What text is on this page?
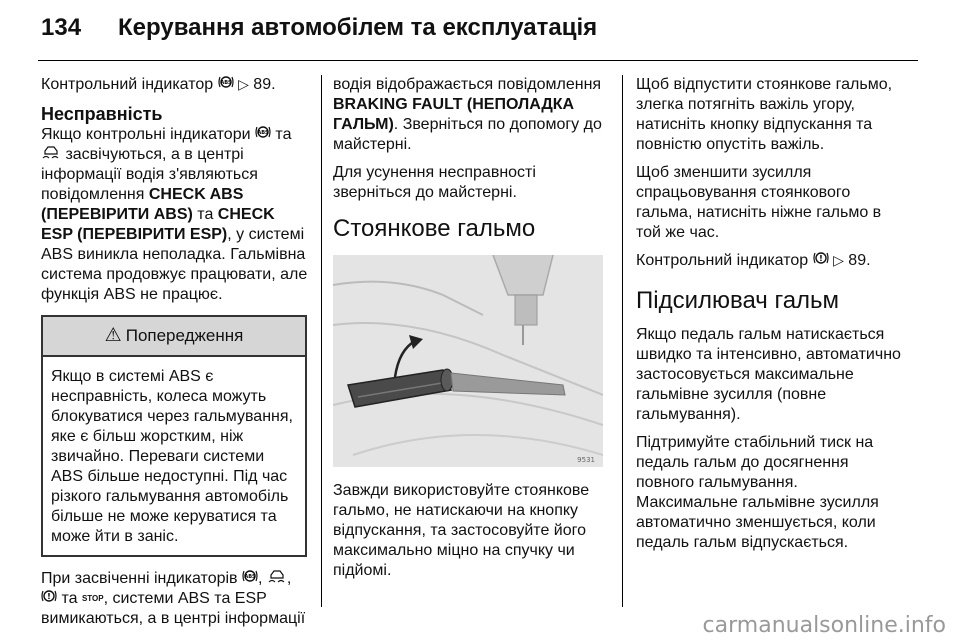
134 Керування автомобілем та експлуатація

Контрольний індикатор ABS ▷ 89.

Несправність

Якщо контрольні індикатори ABS та  засвічуються, а в центрі інформації водія з'являються повідомлення CHECK ABS (ПЕРЕВІРИТИ ABS) та CHECK ESP (ПЕРЕВІРИТИ ESP), у системі ABS виникла неполадка. Гальмівна система продовжує працювати, але функція ABS не працює.

⚠ Попередження
Якщо в системі ABS є несправність, колеса можуть блокуватися через гальмування, яке є більш жорстким, ніж звичайно. Переваги системи ABS більше недоступні. Під час різкого гальмування автомобіль більше не може керуватися та може йти в заніс.

При засвіченні індикаторів ABS , ,
! та STOP, системи ABS та ESP вимикаються, а в центрі інформації

водія відображається повідомлення BRAKING FAULT (НЕПОЛАДКА ГАЛЬМ). Зверніться по допомогу до майстерні.

Для усунення несправності зверніться до майстерні.

Стоянкове гальмо
9531

Завжди використовуйте стоянкове гальмо, не натискаючи на кнопку відпускання, та застосовуйте його максимально міцно на спучку чи підйомі.

Щоб відпустити стоянкове гальмо, злегка потягніть важіль угору, натисніть кнопку відпускання та повністю опустіть важіль.

Щоб зменшити зусилля спрацьовування стоянкового гальма, натисніть ніжне гальмо в той же час.

Контрольний індикатор ! ▷ 89.

Підсилювач гальм

Якщо педаль гальм натискається швидко та інтенсивно, автоматично застосовується максимальне гальмівне зусилля (повне гальмування).

Підтримуйте стабільний тиск на педаль гальм до досягнення повного гальмування.

Максимальне гальмівне зусилля автоматично зменшується, коли педаль гальм відпускається.

carmanualsonline.info
